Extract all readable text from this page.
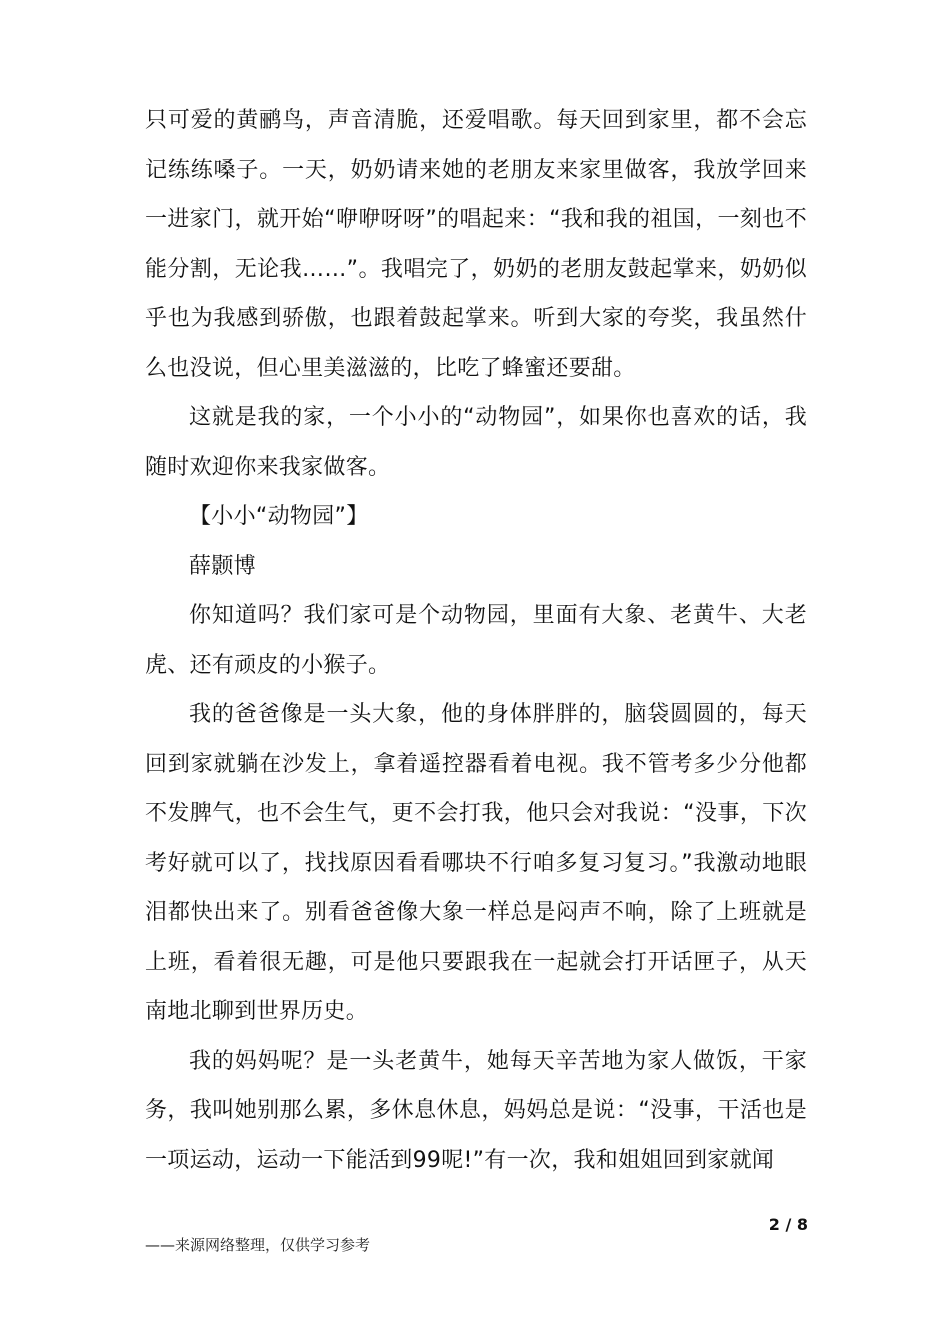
只可爱的黄鹂鸟，声音清脆，还爱唱歌。每天回到家里，都不会忘记练练嗓子。一天，奶奶请来她的老朋友来家里做客，我放学回来一进家门，就开始“咿咿呀呀”的唱起来：“我和我的祖国，一刻也不能分割，无论我……”。我唱完了，奶奶的老朋友鼓起掌来，奶奶似乎也为我感到骄傲，也跟着鼓起掌来。听到大家的夸奖，我虽然什么也没说，但心里美滋滋的，比吃了蜂蜜还要甜。

这就是我的家，一个小小的“动物园”，如果你也喜欢的话，我随时欢迎你来我家做客。

【小小“动物园”】

薛颢博

你知道吗？我们家可是个动物园，里面有大象、老黄牛、大老虎、还有顽皮的小猴子。

我的爸爸像是一头大象，他的身体胖胖的，脑袋圆圆的，每天回到家就躺在沙发上，拿着遥控器看着电视。我不管考多少分他都不发脾气，也不会生气，更不会打我，他只会对我说：“没事，下次考好就可以了，找找原因看看哪块不行咱多复习复习。”我激动地眼泪都快出来了。别看爸爸像大象一样总是闷声不响，除了上班就是上班，看着很无趣，可是他只要跟我在一起就会打开话匣子，从天南地北聊到世界历史。

我的妈妈呢？是一头老黄牛，她每天辛苦地为家人做饭，干家务，我叫她别那么累，多休息休息，妈妈总是说：“没事，干活也是一项运动，运动一下能活到99呢!”有一次，我和姐姐回到家就闻

2 / 8
——来源网络整理，仅供学习参考
